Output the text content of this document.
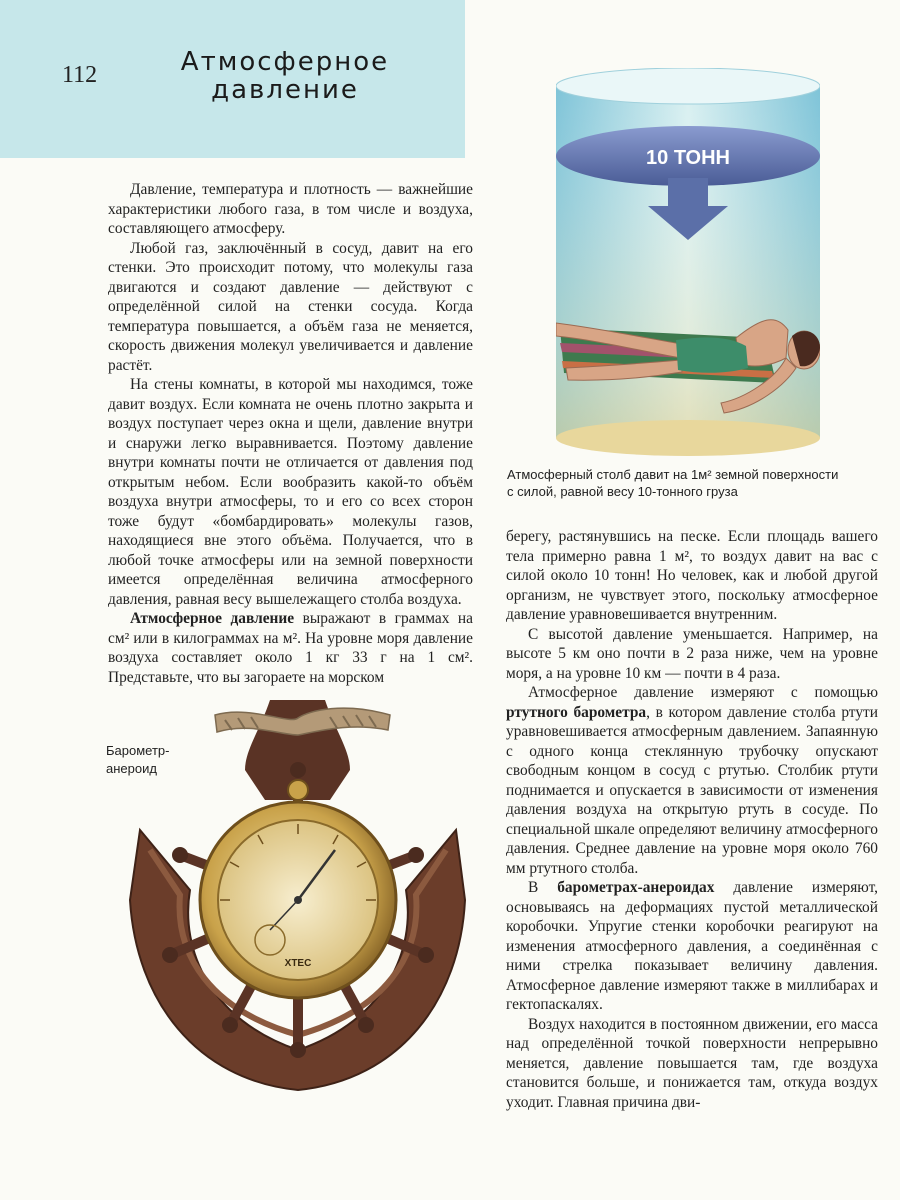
112	Атмосферное
давление

Давление, температура и плотность — важнейшие характеристики любого газа, в том числе и воздуха, составляющего атмосферу.

Любой газ, заключённый в сосуд, давит на его стенки. Это происходит потому, что молекулы газа двигаются и создают давление — действуют с определённой силой на стенки сосуда. Когда температура повышается, а объём газа не меняется, скорость движения молекул увеличивается и давление растёт.

На стены комнаты, в которой мы находимся, тоже давит воздух. Если комната не очень плотно закрыта и воздух поступает через окна и щели, давление внутри и снаружи легко выравнивается. Поэтому давление внутри комнаты почти не отличается от давления под открытым небом. Если вообразить какой-то объём воздуха внутри атмосферы, то и его со всех сторон тоже будут «бомбардировать» молекулы газов, находящиеся вне этого объёма. Получается, что в любой точке атмосферы или на земной поверхности имеется определённая величина атмосферного давления, равная весу вышележащего столба воздуха.

Атмосферное давление выражают в граммах на см² или в килограммах на м². На уровне моря давление воздуха составляет около 1 кг 33 г на 1 см². Представьте, что вы загораете на морском

10 ТОНН
Атмосферный столб давит на 1м² земной поверхности
с силой, равной весу 10-тонного груза

берегу, растянувшись на песке. Если площадь вашего тела примерно равна 1 м², то воздух давит на вас с силой около 10 тонн! Но человек, как и любой другой организм, не чувствует этого, поскольку атмосферное давление уравновешивается внутренним.

С высотой давление уменьшается. Например, на высоте 5 км оно почти в 2 раза ниже, чем на уровне моря, а на уровне 10 км — почти в 4 раза.

Атмосферное давление измеряют с помощью ртутного барометра, в котором давление столба ртути уравновешивается атмосферным давлением. Запаянную с одного конца стеклянную трубочку опускают свободным концом в сосуд с ртутью. Столбик ртути поднимается и опускается в зависимости от изменения давления воздуха на открытую ртуть в сосуде. По специальной шкале определяют величину атмосферного давления. Среднее давление на уровне моря около 760 мм ртутного столба.

В барометрах-анероидах давление измеряют, основываясь на деформациях пустой металлической коробочки. Упругие стенки коробочки реагируют на изменения атмосферного давления, а соединённая с ними стрелка показывает величину давления. Атмосферное давление измеряют также в миллибарах и гектопаскалях.

Воздух находится в постоянном движении, его масса над определённой точкой поверхности непрерывно меняется, давление повышается там, где воздуха становится больше, и понижается там, откуда воздух уходит. Главная причина дви-

Барометр-анероид
XTEC
